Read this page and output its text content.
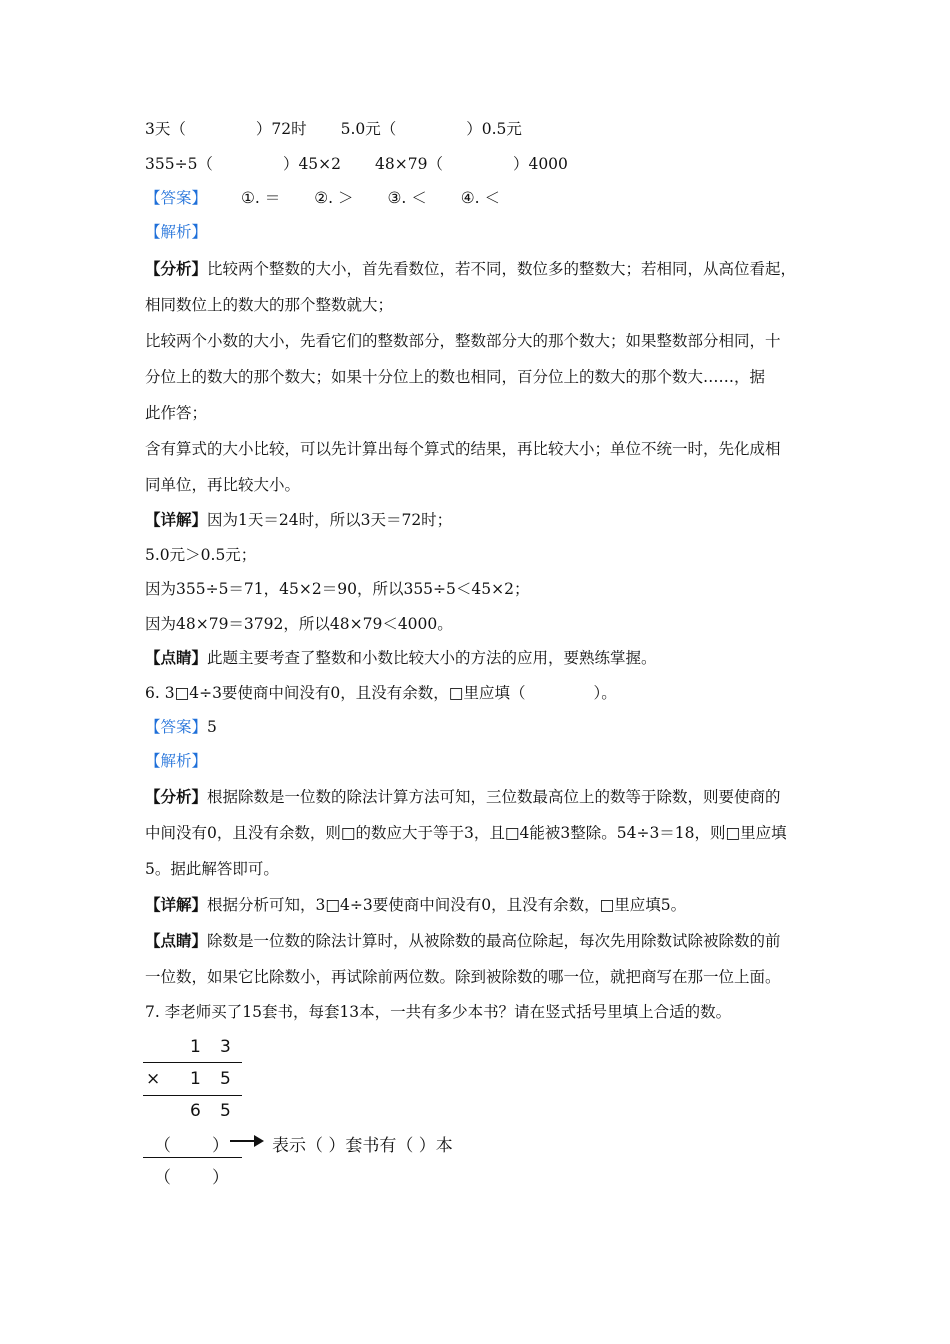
3天（	）72时 5.0元（	）0.5元
355÷5（	）45×2 48×79（	）4000
【答案】 ①. ＝ ②. ＞ ③. ＜ ④. ＜
【解析】
【分析】比较两个整数的大小，首先看数位，若不同，数位多的整数大；若相同，从高位看起，
相同数位上的数大的那个整数就大；
比较两个小数的大小，先看它们的整数部分，整数部分大的那个数大；如果整数部分相同，十
分位上的数大的那个数大；如果十分位上的数也相同，百分位上的数大的那个数大……，据
此作答；
含有算式的大小比较，可以先计算出每个算式的结果，再比较大小；单位不统一时，先化成相
同单位，再比较大小。
【详解】因为1天＝24时，所以3天＝72时；
5.0元＞0.5元；
因为355÷5＝71，45×2＝90，所以355÷5＜45×2；
因为48×79＝3792，所以48×79＜4000。
【点睛】此题主要考查了整数和小数比较大小的方法的应用，要熟练掌握。
6. 3□4÷3要使商中间没有0，且没有余数，□里应填（	）。
【答案】5
【解析】
【分析】根据除数是一位数的除法计算方法可知，三位数最高位上的数等于除数，则要使商的
中间没有0，且没有余数，则□的数应大于等于3，且□4能被3整除。54÷3＝18，则□里应填
5。据此解答即可。
【详解】根据分析可知，3□4÷3要使商中间没有0，且没有余数，□里应填5。
【点睛】除数是一位数的除法计算时，从被除数的最高位除起，每次先用除数试除被除数的前
一位数，如果它比除数小，再试除前两位数。除到被除数的哪一位，就把商写在那一位上面。
7. 李老师买了15套书，每套13本，一共有多少本书？请在竖式括号里填上合适的数。
1 3
× 1 5
6 5
（ ）	表示（ ）套书有（ ）本
（ ）
